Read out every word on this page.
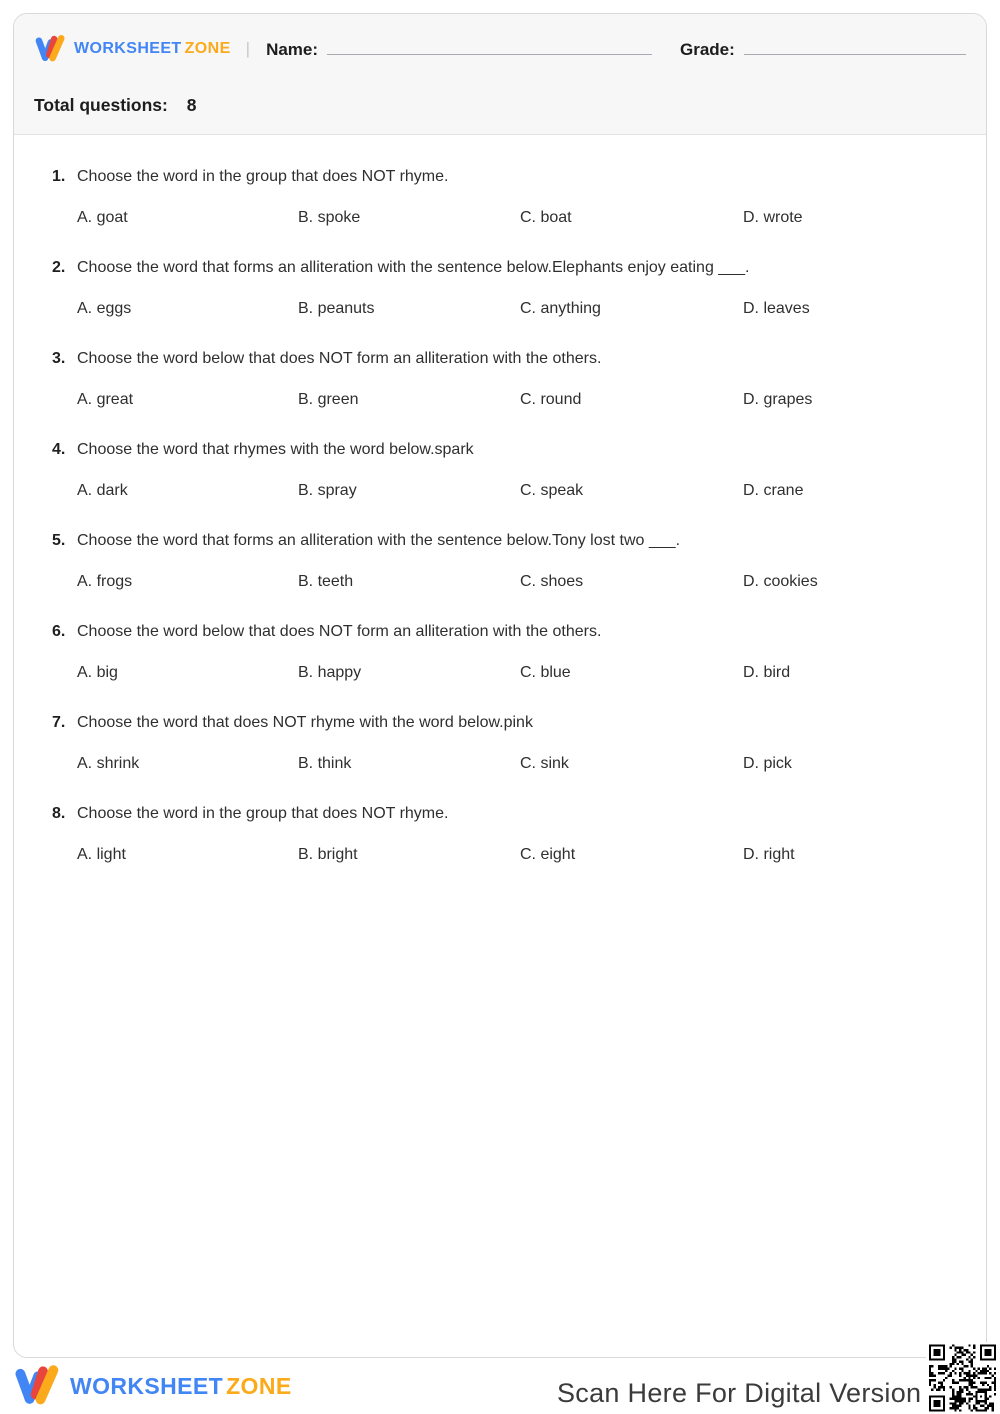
WORKSHEET ZONE | Name:	Grade:
Total questions: 8
1. Choose the word in the group that does NOT rhyme.
A. goat	B. spoke	C. boat	D. wrote
2. Choose the word that forms an alliteration with the sentence below.Elephants enjoy eating ___.
A. eggs	B. peanuts	C. anything	D. leaves
3. Choose the word below that does NOT form an alliteration with the others.
A. great	B. green	C. round	D. grapes
4. Choose the word that rhymes with the word below.spark
A. dark	B. spray	C. speak	D. crane
5. Choose the word that forms an alliteration with the sentence below.Tony lost two ___.
A. frogs	B. teeth	C. shoes	D. cookies
6. Choose the word below that does NOT form an alliteration with the others.
A. big	B. happy	C. blue	D. bird
7. Choose the word that does NOT rhyme with the word below.pink
A. shrink	B. think	C. sink	D. pick
8. Choose the word in the group that does NOT rhyme.
A. light	B. bright	C. eight	D. right
WORKSHEET ZONE	Scan Here For Digital Version
